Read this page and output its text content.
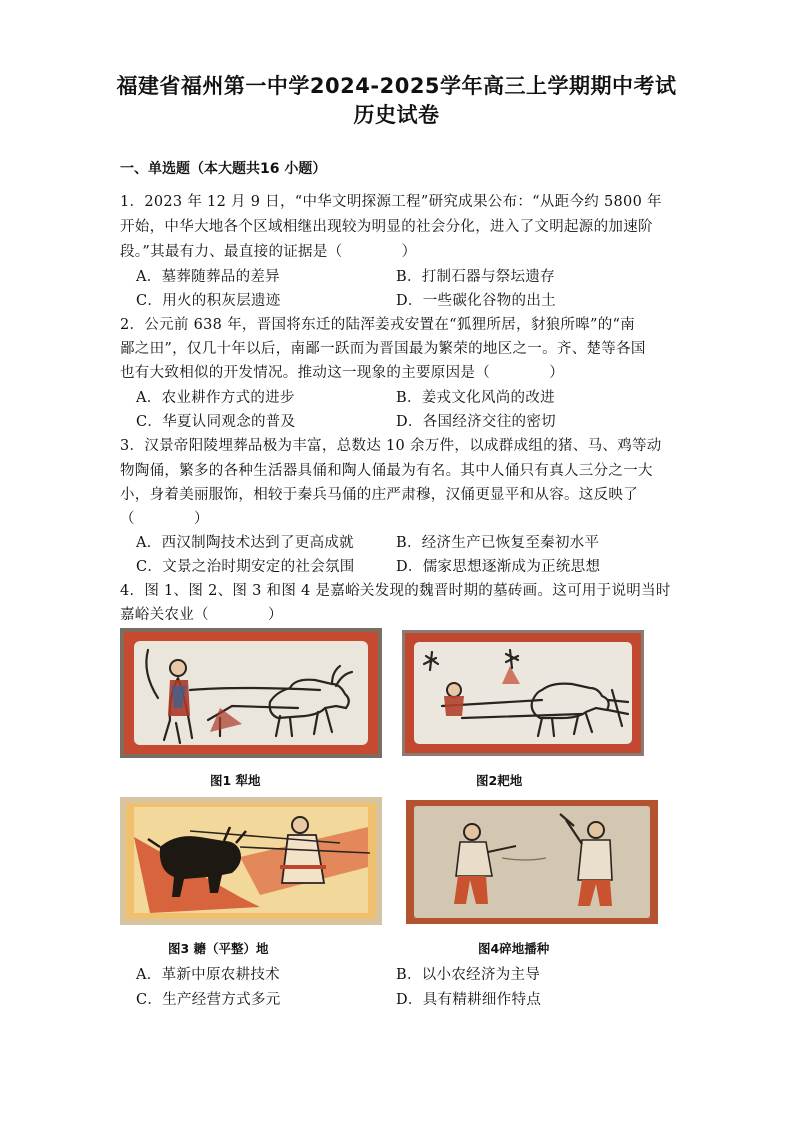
福建省福州第一中学2024-2025学年高三上学期期中考试
历史试卷
一、单选题（本大题共16 小题）
1．2023 年 12 月 9 日，“中华文明探源工程”研究成果公布：“从距今约 5800 年
开始，中华大地各个区域相继出现较为明显的社会分化，进入了文明起源的加速阶
段。”其最有力、最直接的证据是（　　　　）
A．墓葬随葬品的差异	B．打制石器与祭坛遗存
C．用火的积灰层遗迹	D．一些碳化谷物的出土
2．公元前 638 年，晋国将东迁的陆浑姜戎安置在“狐狸所居，豺狼所嗥”的“南
鄙之田”，仅几十年以后，南鄙一跃而为晋国最为繁荣的地区之一。齐、楚等各国
也有大致相似的开发情况。推动这一现象的主要原因是（　　　　）
A．农业耕作方式的进步	B．姜戎文化风尚的改进
C．华夏认同观念的普及	D．各国经济交往的密切
3．汉景帝阳陵埋葬品极为丰富，总数达 10 余万件，以成群成组的猪、马、鸡等动
物陶俑，繁多的各种生活器具俑和陶人俑最为有名。其中人俑只有真人三分之一大
小，身着美丽服饰，相较于秦兵马俑的庄严肃穆，汉俑更显平和从容。这反映了
（　　　　）
A．西汉制陶技术达到了更高成就	B．经济生产已恢复至秦初水平
C．文景之治时期安定的社会氛围	D．儒家思想逐渐成为正统思想
4．图 1、图 2、图 3 和图 4 是嘉峪关发现的魏晋时期的墓砖画。这可用于说明当时
嘉峪关农业（　　　　）
图1 犁地	图2耙地
图3 耱（平整）地	图4碎地播种
A．革新中原农耕技术	B．以小农经济为主导
C．生产经营方式多元	D．具有精耕细作特点
